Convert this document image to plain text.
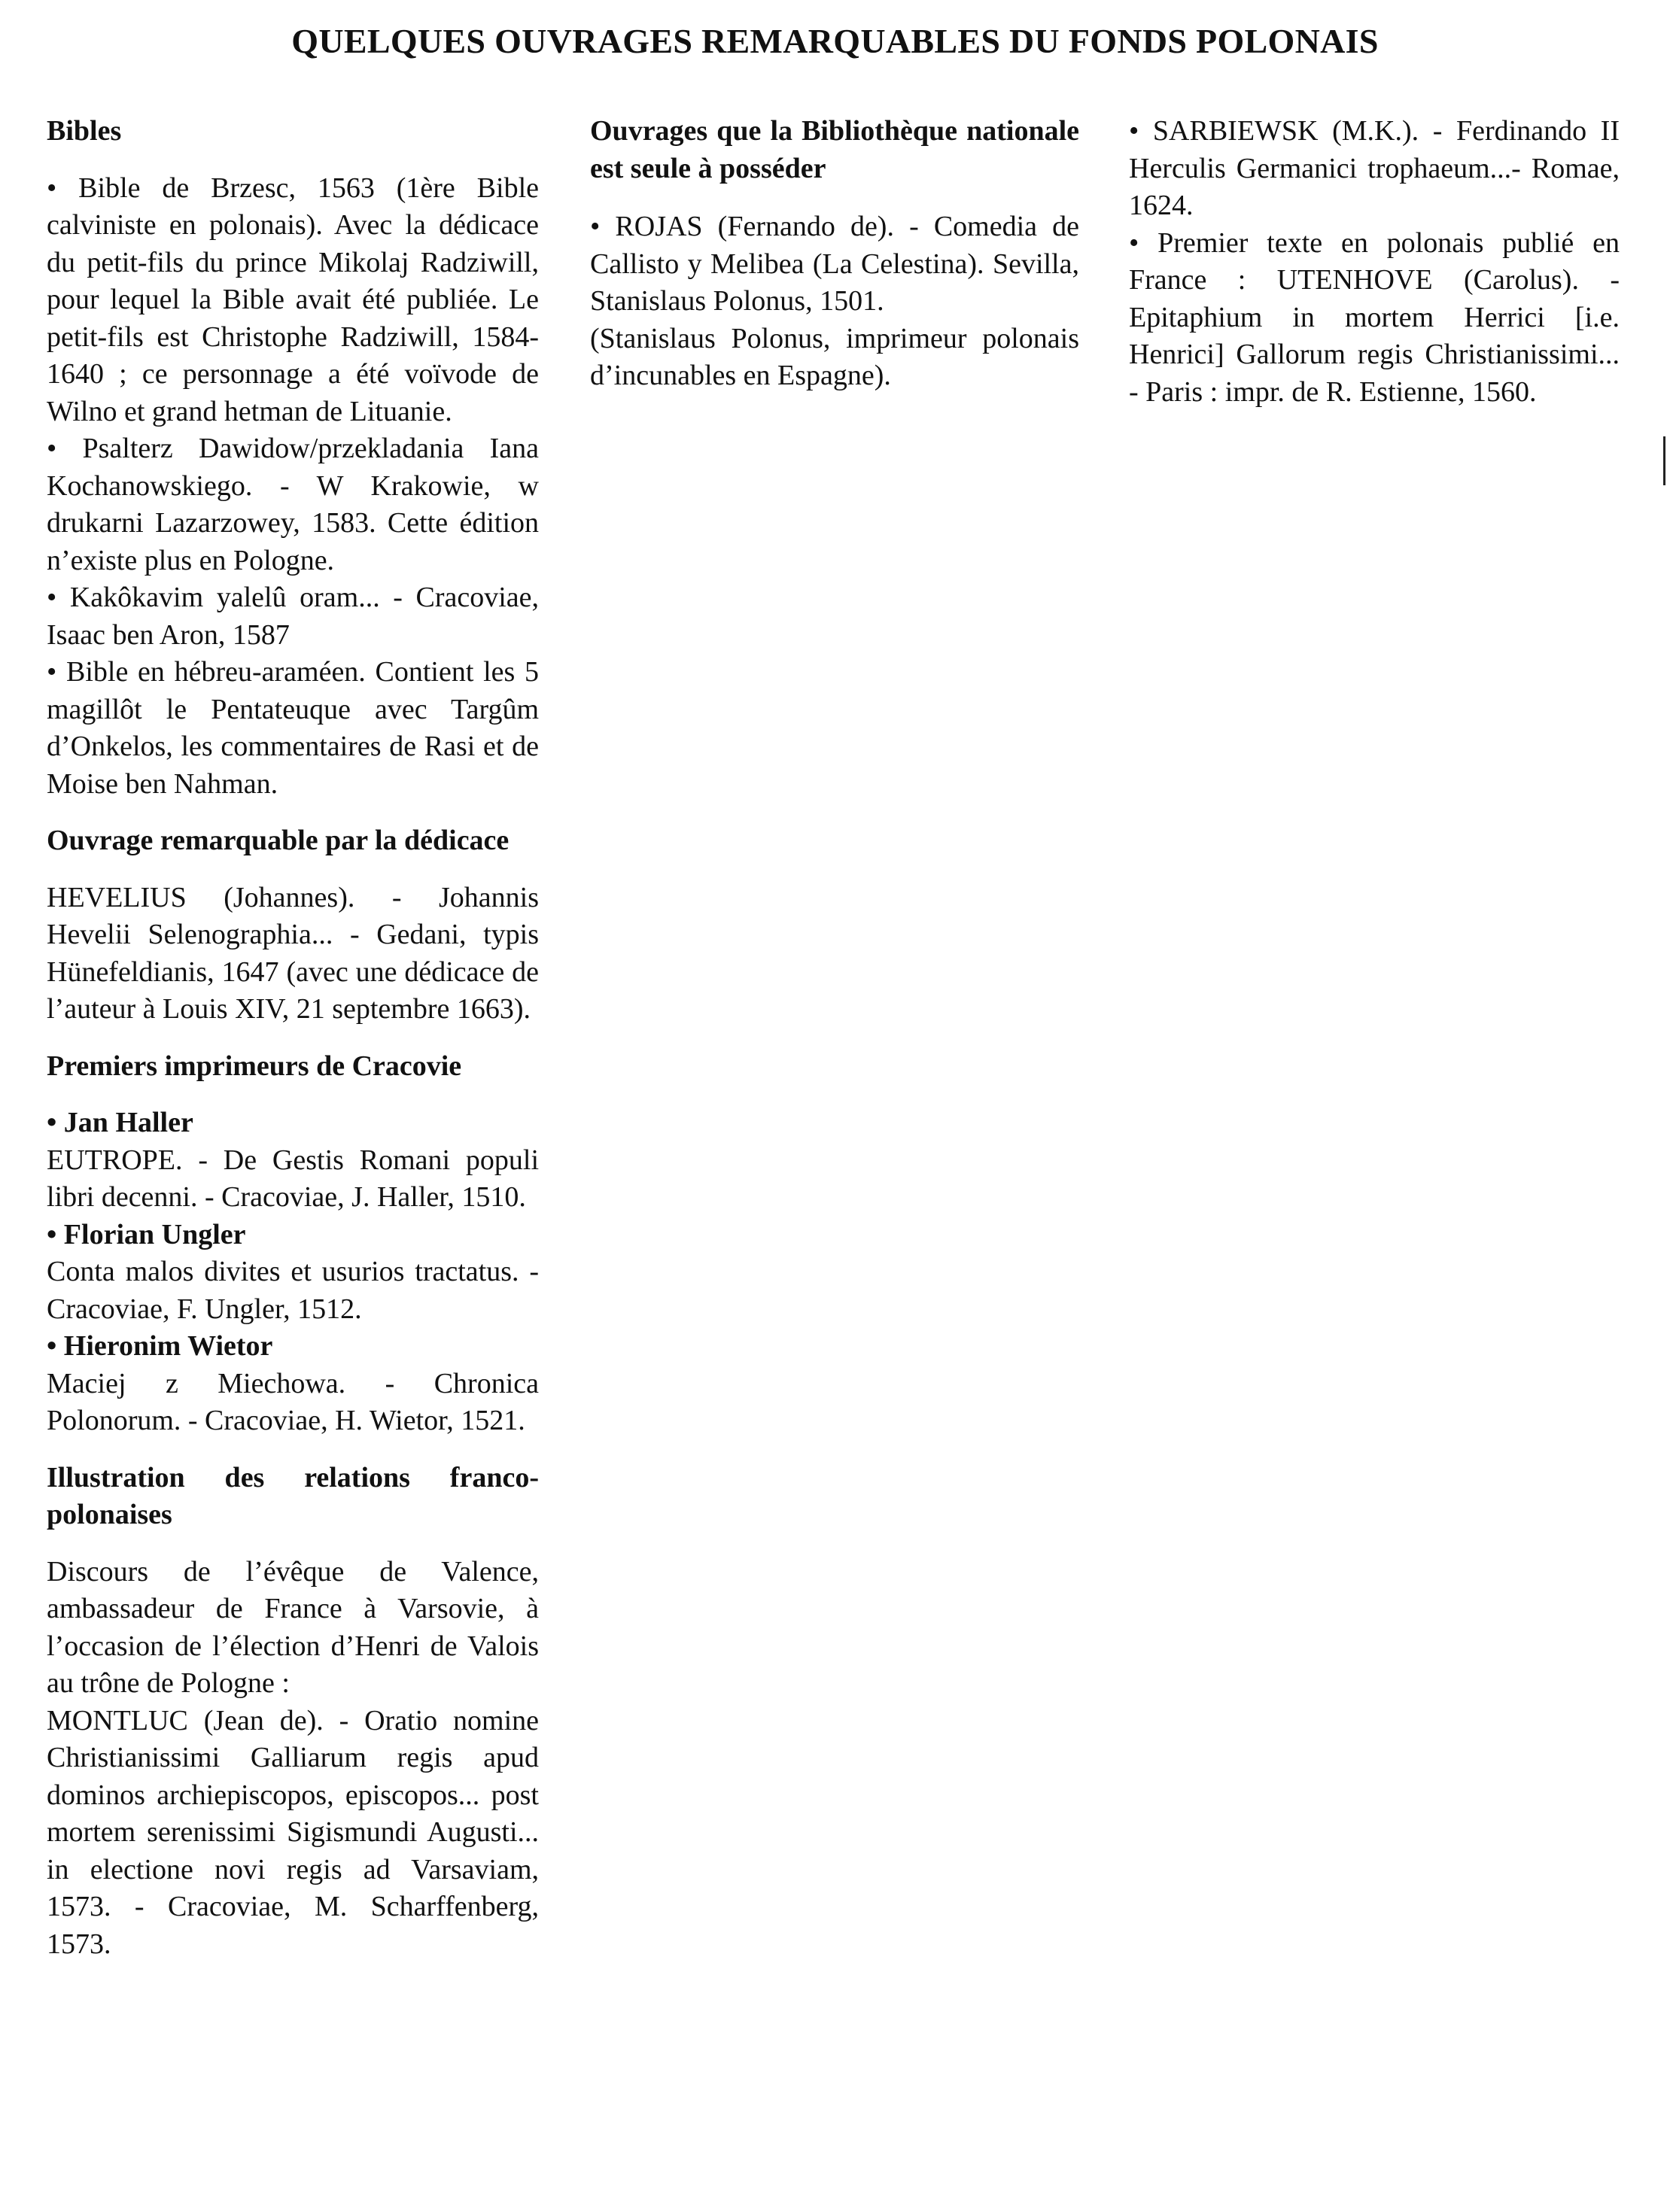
QUELQUES OUVRAGES REMARQUABLES DU FONDS POLONAIS

Bibles

• Bible de Brzesc, 1563 (1ère Bible calviniste en polonais). Avec la dédicace du petit-fils du prince Mikolaj Radziwill, pour lequel la Bible avait été publiée. Le petit-fils est Christophe Radziwill, 1584- 1640 ; ce personnage a été voïvode de Wilno et grand hetman de Lituanie.

• Psalterz Dawidow/przekladania Iana Kochanowskiego. - W Krakowie, w drukarni Lazarzowey, 1583. Cette édition n’existe plus en Pologne.

• Kakôkavim yalelû oram... - Cracoviae, Isaac ben Aron, 1587

• Bible en hébreu-araméen. Contient les 5 magillôt le Pentateuque avec Targûm d’Onkelos, les commentaires de Rasi et de Moise ben Nahman.

Ouvrage remarquable par la dédicace

HEVELIUS (Johannes). - Johannis Hevelii Selenographia... - Gedani, typis Hünefeldianis, 1647 (avec une dédicace de l’auteur à Louis XIV, 21 septembre 1663).

Premiers imprimeurs de Cracovie

• Jan Haller

EUTROPE. - De Gestis Romani populi libri decenni. - Cracoviae, J. Haller, 1510.

• Florian Ungler

Conta malos divites et usurios tractatus. - Cracoviae, F. Ungler, 1512.

• Hieronim Wietor

Maciej z Miechowa. - Chronica Polonorum. - Cracoviae, H. Wietor, 1521.

Illustration des relations franco-polonaises

Discours de l’évêque de Valence, ambassadeur de France à Varsovie, à l’occasion de l’élection d’Henri de Valois au trône de Pologne :

MONTLUC (Jean de). - Oratio nomine Christianissimi Galliarum regis apud dominos archiepiscopos, episcopos... post mortem serenissimi Sigismundi Augusti... in electione novi regis ad Varsaviam, 1573. - Cracoviae, M. Scharffenberg, 1573.

Ouvrages que la Bibliothèque nationale est seule à posséder

• ROJAS (Fernando de). - Comedia de Callisto y Melibea (La Celestina). Sevilla, Stanislaus Polonus, 1501.

(Stanislaus Polonus, imprimeur polonais d’incunables en Espagne).

• SARBIEWSK (M.K.). - Ferdinando II Herculis Germanici trophaeum...- Romae, 1624.

• Premier texte en polonais publié en France : UTENHOVE (Carolus). - Epitaphium in mortem Herrici [i.e. Henrici] Gallorum regis Christianissimi... - Paris : impr. de R. Estienne, 1560.
